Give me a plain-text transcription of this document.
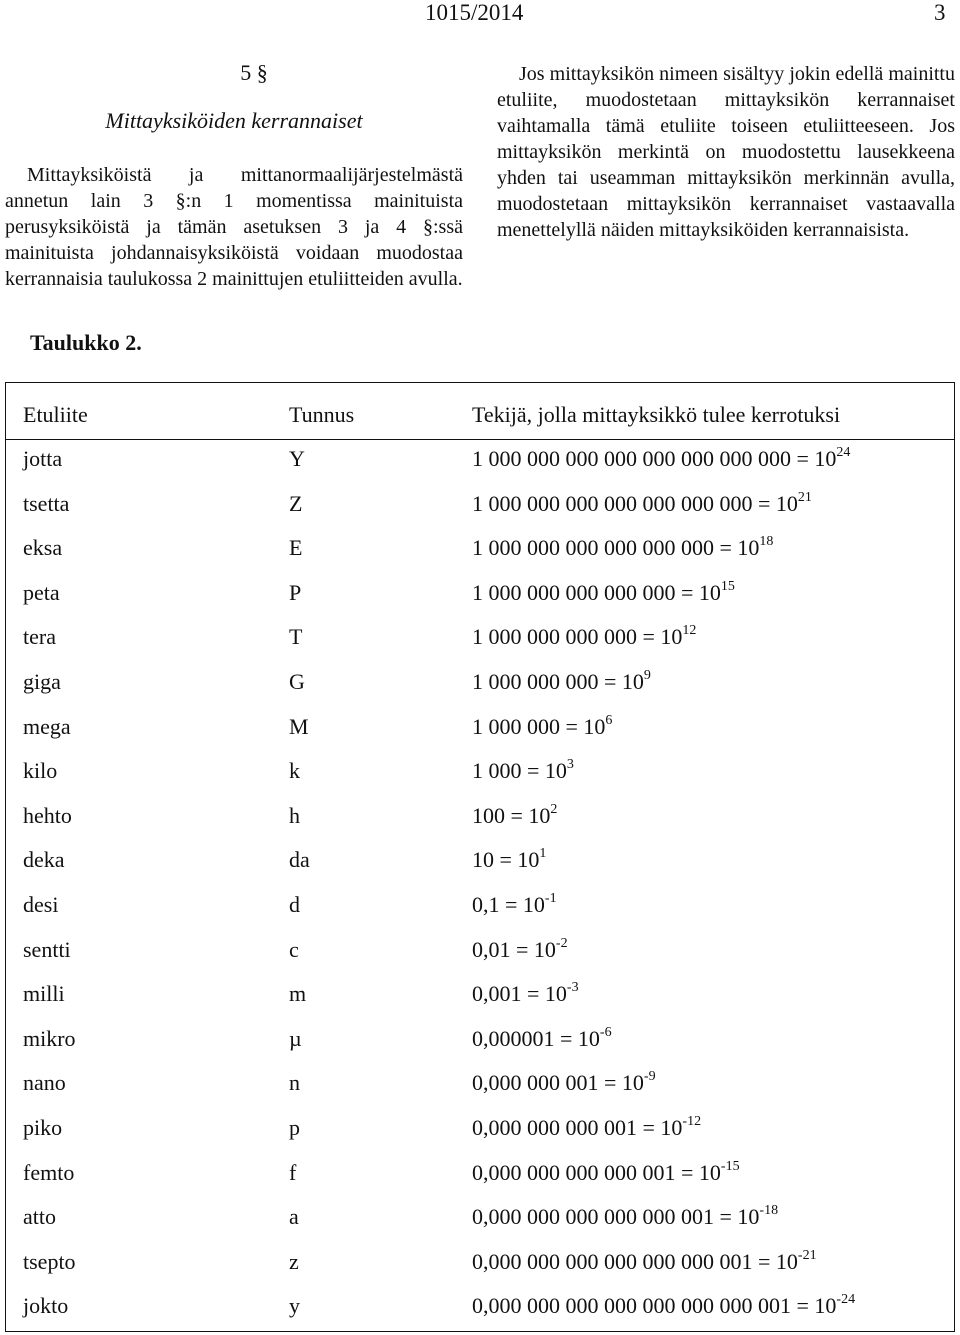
1015/2014	3
5 §
Mittayksiköiden kerrannaiset
Mittayksiköistä ja mittanormaalijärjestelmästä annetun lain 3 §:n 1 momentissa mainituista perusyksiköistä ja tämän asetuksen 3 ja 4 §:ssä mainituista johdannaisyksiköistä voidaan muodostaa kerrannaisia taulukossa 2 mainittujen etuliitteiden avulla.
Jos mittayksikön nimeen sisältyy jokin edellä mainittu etuliite, muodostetaan mittayksikön kerrannaiset vaihtamalla tämä etuliite toiseen etuliitteeseen. Jos mittayksikön merkintä on muodostettu lausekkeena yhden tai useamman mittayksikön merkinnän avulla, muodostetaan mittayksikön kerrannaiset vastaavalla menettelyllä näiden mittayksiköiden kerrannaisista.
Taulukko 2.
Etuliite	Tunnus	Tekijä, jolla mittayksikkö tulee kerrotuksi
jotta	Y	1 000 000 000 000 000 000 000 $000 = 10^{24}$
tsetta	Z	1 000 000 000 000 000 000 $000 = 10^{21}$
eksa	E	1 000 000 000 000 000 $000 = 10^{18}$
peta	P	1 000 000 000 000 $000 = 10^{15}$
tera	T	1 000 000 000 $000 = 10^{12}$
giga	G	1 000 000 $000 = 10^9$
mega	M	1 000 $000 = 10^6$
kilo	k	1 $000 = 10^3$
hehto	h	$100 = 10^2$
deka	da	$10 = 10^1$
desi	d	$0,1 = 10^{-1}$
sentti	c	$0,01 = 10^{-2}$
milli	m	$0,001 = 10^{-3}$
mikro	µ	$0,000001 = 10^{-6}$
nano	n	0,000 000 $001 = 10^{-9}$
piko	p	0,000 000 000 $001 = 10^{-12}$
femto	f	0,000 000 000 000 $001 = 10^{-15}$
atto	a	0,000 000 000 000 000 $001 = 10^{-18}$
tsepto	z	0,000 000 000 000 000 000 $001 = 10^{-21}$
jokto	y	0,000 000 000 000 000 000 000 $001 = 10^{-24}$
